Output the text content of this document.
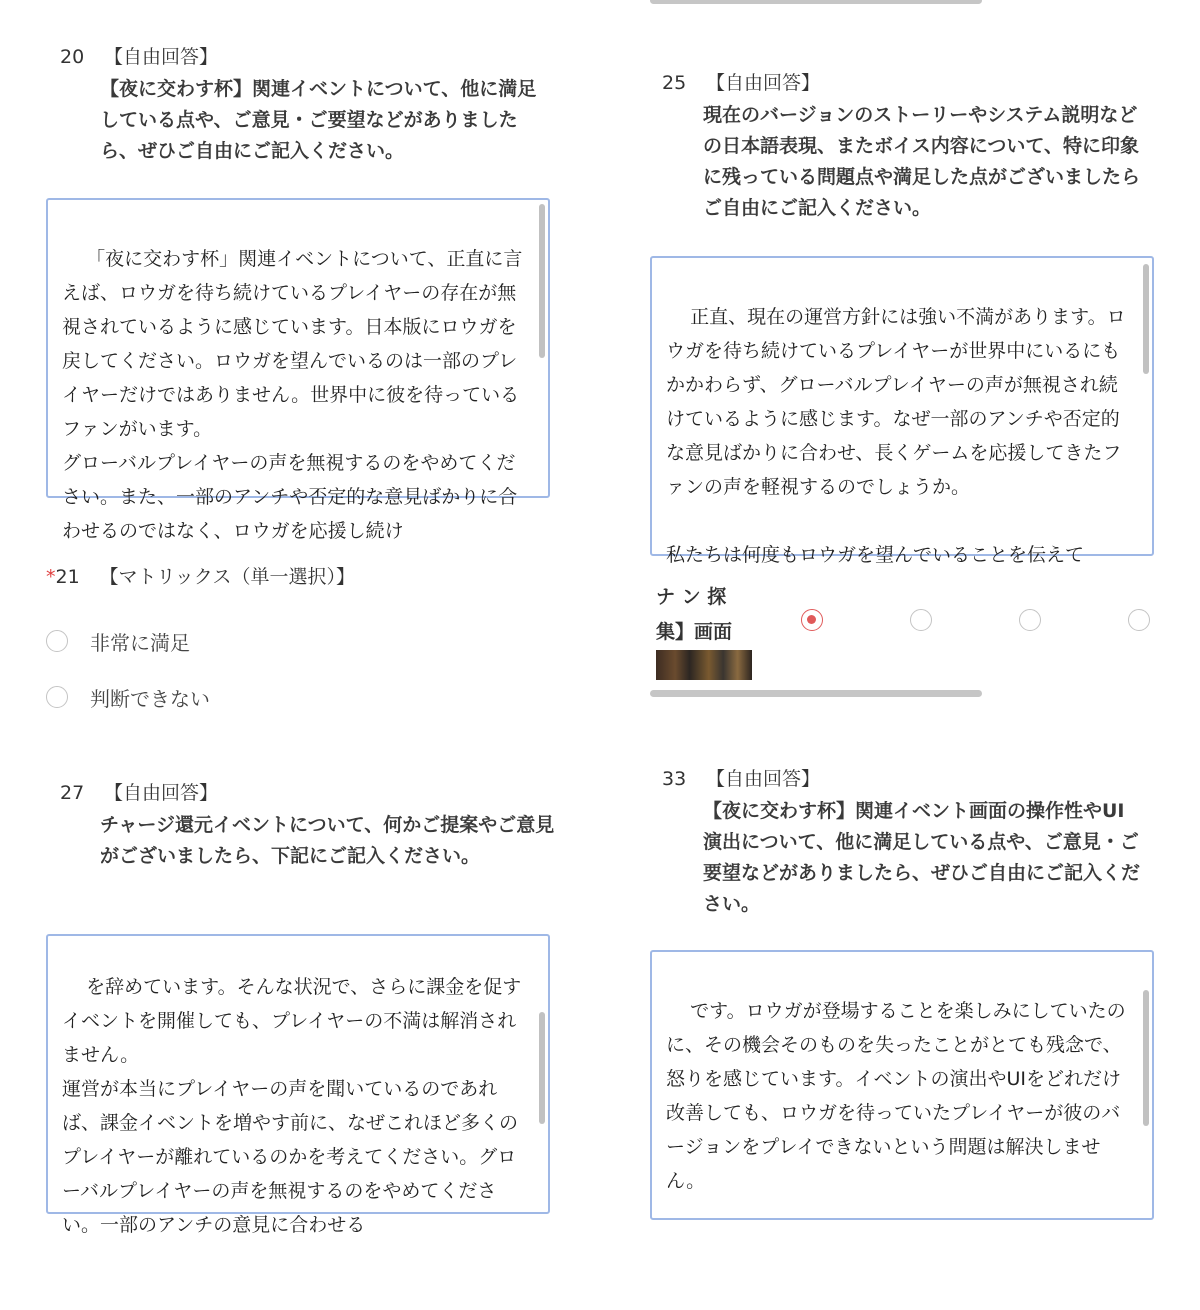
20 【自由回答】
【夜に交わす杯】関連イベントについて、他に満足している点や、ご意見・ご要望などがありましたら、ぜひご自由にご記入ください。

「夜に交わす杯」関連イベントについて、正直に言えば、ロウガを待ち続けているプレイヤーの存在が無視されているように感じています。日本版にロウガを戻してください。ロウガを望んでいるのは一部のプレイヤーだけではありません。世界中に彼を待っているファンがいます。
グローバルプレイヤーの声を無視するのをやめてください。また、一部のアンチや否定的な意見ばかりに合わせるのではなく、ロウガを応援し続け

*21 【マトリックス（単一選択）】
25 【自由回答】
現在のバージョンのストーリーやシステム説明などの日本語表現、またボイス内容について、特に印象に残っている問題点や満足した点がございましたらご自由にご記入ください。

正直、現在の運営方針には強い不満があります。ロウガを待ち続けているプレイヤーが世界中にいるにもかかわらず、グローバルプレイヤーの声が無視され続けているように感じます。なぜ一部のアンチや否定的な意見ばかりに合わせ、長くゲームを応援してきたファンの声を軽視するのでしょうか。

私たちは何度もロウガを望んでいることを伝えて

ナ ン 探
集】画面
非常に満足
判断できない
27 【自由回答】
チャージ還元イベントについて、何かご提案やご意見がございましたら、下記にご記入ください。

を辞めています。そんな状況で、さらに課金を促すイベントを開催しても、プレイヤーの不満は解消されません。
運営が本当にプレイヤーの声を聞いているのであれば、課金イベントを増やす前に、なぜこれほど多くのプレイヤーが離れているのかを考えてください。グローバルプレイヤーの声を無視するのをやめてください。一部のアンチの意見に合わせる

33 【自由回答】
【夜に交わす杯】関連イベント画面の操作性やUI演出について、他に満足している点や、ご意見・ご要望などがありましたら、ぜひご自由にご記入ください。

です。ロウガが登場することを楽しみにしていたのに、その機会そのものを失ったことがとても残念で、怒りを感じています。イベントの演出やUIをどれだけ改善しても、ロウガを待っていたプレイヤーが彼のバージョンをプレイできないという問題は解決しません。
